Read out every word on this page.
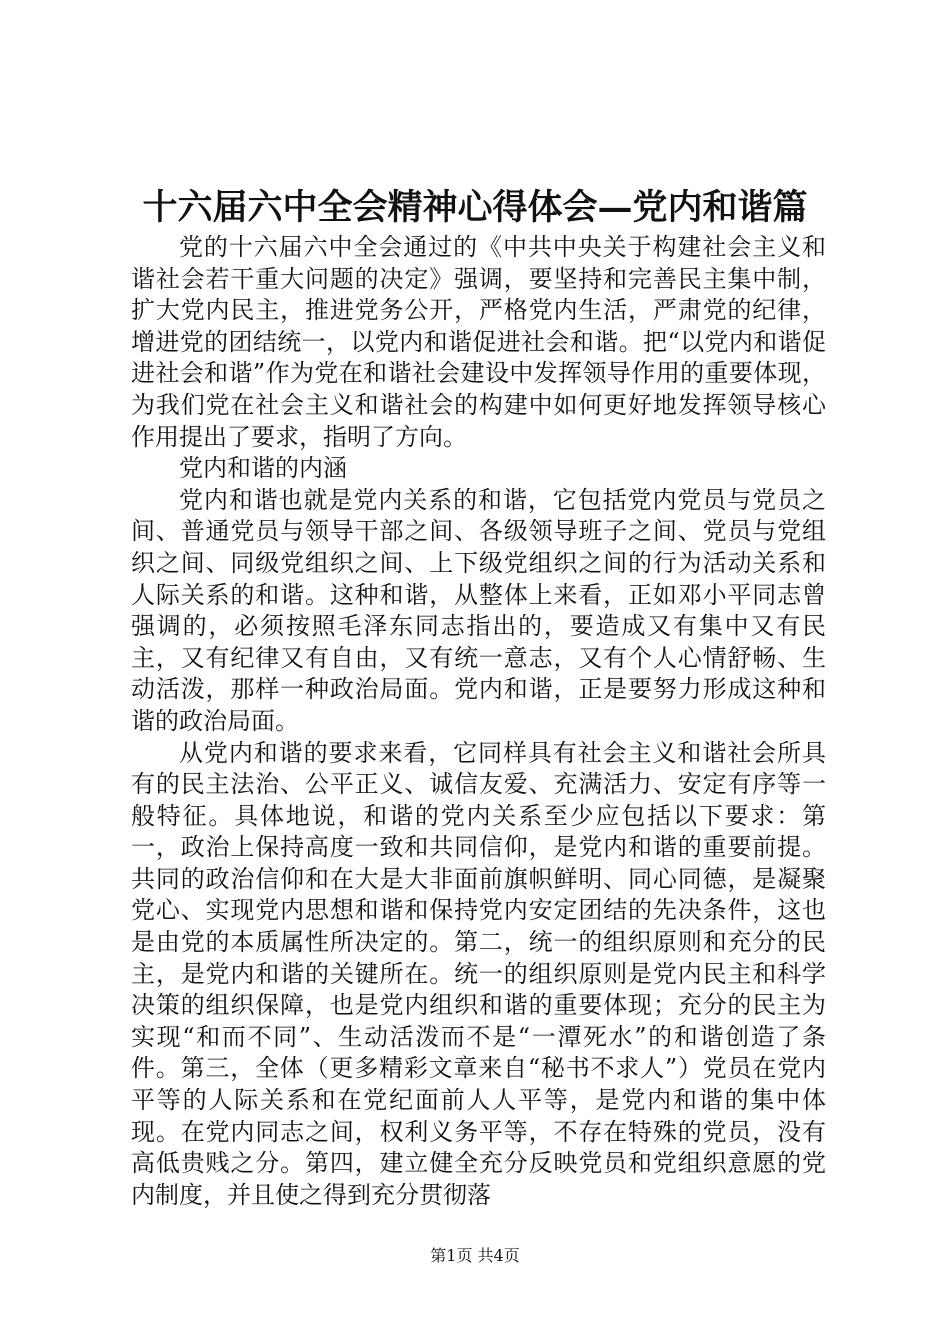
十六届六中全会精神心得体会—党内和谐篇

党的十六届六中全会通过的《中共中央关于构建社会主义和谐社会若干重大问题的决定》强调，要坚持和完善民主集中制，扩大党内民主，推进党务公开，严格党内生活，严肃党的纪律，增进党的团结统一，以党内和谐促进社会和谐。把“以党内和谐促进社会和谐”作为党在和谐社会建设中发挥领导作用的重要体现，为我们党在社会主义和谐社会的构建中如何更好地发挥领导核心作用提出了要求，指明了方向。

党内和谐的内涵

党内和谐也就是党内关系的和谐，它包括党内党员与党员之间、普通党员与领导干部之间、各级领导班子之间、党员与党组织之间、同级党组织之间、上下级党组织之间的行为活动关系和人际关系的和谐。这种和谐，从整体上来看，正如邓小平同志曾强调的，必须按照毛泽东同志指出的，要造成又有集中又有民主，又有纪律又有自由，又有统一意志，又有个人心情舒畅、生动活泼，那样一种政治局面。党内和谐，正是要努力形成这种和谐的政治局面。

从党内和谐的要求来看，它同样具有社会主义和谐社会所具有的民主法治、公平正义、诚信友爱、充满活力、安定有序等一般特征。具体地说，和谐的党内关系至少应包括以下要求：第一，政治上保持高度一致和共同信仰，是党内和谐的重要前提。共同的政治信仰和在大是大非面前旗帜鲜明、同心同德，是凝聚党心、实现党内思想和谐和保持党内安定团结的先决条件，这也是由党的本质属性所决定的。第二，统一的组织原则和充分的民主，是党内和谐的关键所在。统一的组织原则是党内民主和科学决策的组织保障，也是党内组织和谐的重要体现；充分的民主为实现“和而不同”、生动活泼而不是“一潭死水”的和谐创造了条件。第三，全体（更多精彩文章来自“秘书不求人”）党员在党内平等的人际关系和在党纪面前人人平等，是党内和谐的集中体现。在党内同志之间，权利义务平等，不存在特殊的党员，没有高低贵贱之分。第四，建立健全充分反映党员和党组织意愿的党内制度，并且使之得到充分贯彻落

第1页 共4页
